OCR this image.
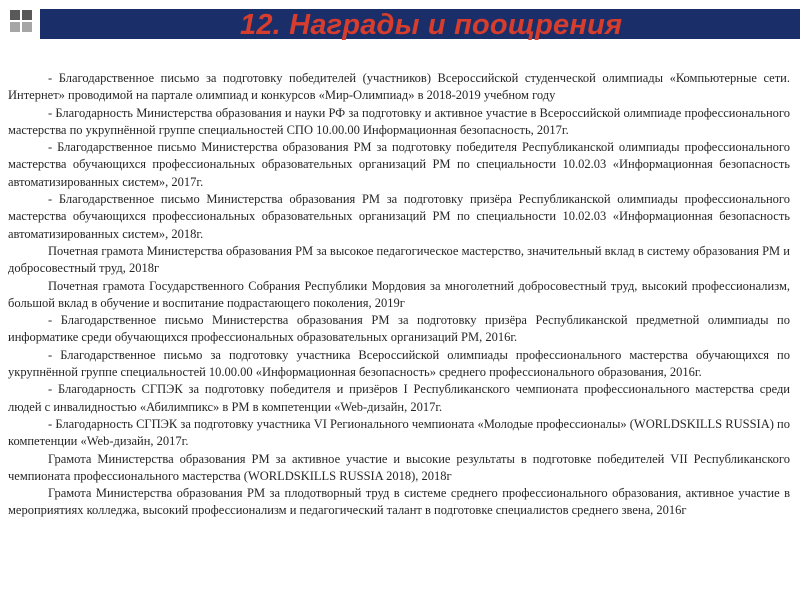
12. Награды и поощрения

- Благодарственное письмо за подготовку победителей (участников) Всероссийской студенческой олимпиады «Компьютерные сети. Интернет» проводимой на партале олимпиад и конкурсов «Мир-Олимпиад» в 2018-2019 учебном году

- Благодарность Министерства образования и науки РФ за подготовку и активное участие в Всероссийской олимпиаде профессионального мастерства по укрупнённой группе специальностей СПО 10.00.00 Информационная безопасность, 2017г.

- Благодарственное письмо Министерства образования РМ за подготовку победителя Республиканской олимпиады профессионального мастерства обучающихся профессиональных образовательных организаций РМ по специальности 10.02.03 «Информационная безопасность автоматизированных систем», 2017г.

- Благодарственное письмо Министерства образования РМ за подготовку призёра Республиканской олимпиады профессионального мастерства обучающихся профессиональных образовательных организаций РМ по специальности 10.02.03 «Информационная безопасность автоматизированных систем», 2018г.

Почетная грамота Министерства образования РМ за высокое педагогическое мастерство, значительный вклад в систему образования РМ и добросовестный труд, 2018г

Почетная грамота Государственного Собрания Республики Мордовия за многолетний добросовестный труд, высокий профессионализм, большой вклад в обучение и воспитание подрастающего поколения, 2019г

- Благодарственное письмо Министерства образования РМ за подготовку призёра Республиканской предметной олимпиады по информатике среди обучающихся профессиональных образовательных организаций РМ, 2016г.

- Благодарственное письмо за подготовку участника Всероссийской олимпиады профессионального мастерства обучающихся по укрупнённой группе специальностей 10.00.00 «Информационная безопасность» среднего профессионального образования, 2016г.

- Благодарность СГПЭК за подготовку победителя и призёров I Республиканского чемпионата профессионального мастерства среди людей с инвалидностью «Абилимпикс» в РМ в компетенции «Web-дизайн, 2017г.

- Благодарность СГПЭК за подготовку участника VI Регионального чемпионата «Молодые профессионалы» (WORLDSKILLS RUSSIA) по компетенции «Web-дизайн, 2017г.

Грамота Министерства образования РМ за активное участие и высокие результаты в подготовке победителей VII Республиканского чемпионата профессионального мастерства (WORLDSKILLS RUSSIA 2018), 2018г

Грамота Министерства образования РМ за плодотворный труд в системе среднего профессионального образования, активное участие в мероприятиях колледжа, высокий профессионализм и педагогический талант в подготовке специалистов среднего звена, 2016г
